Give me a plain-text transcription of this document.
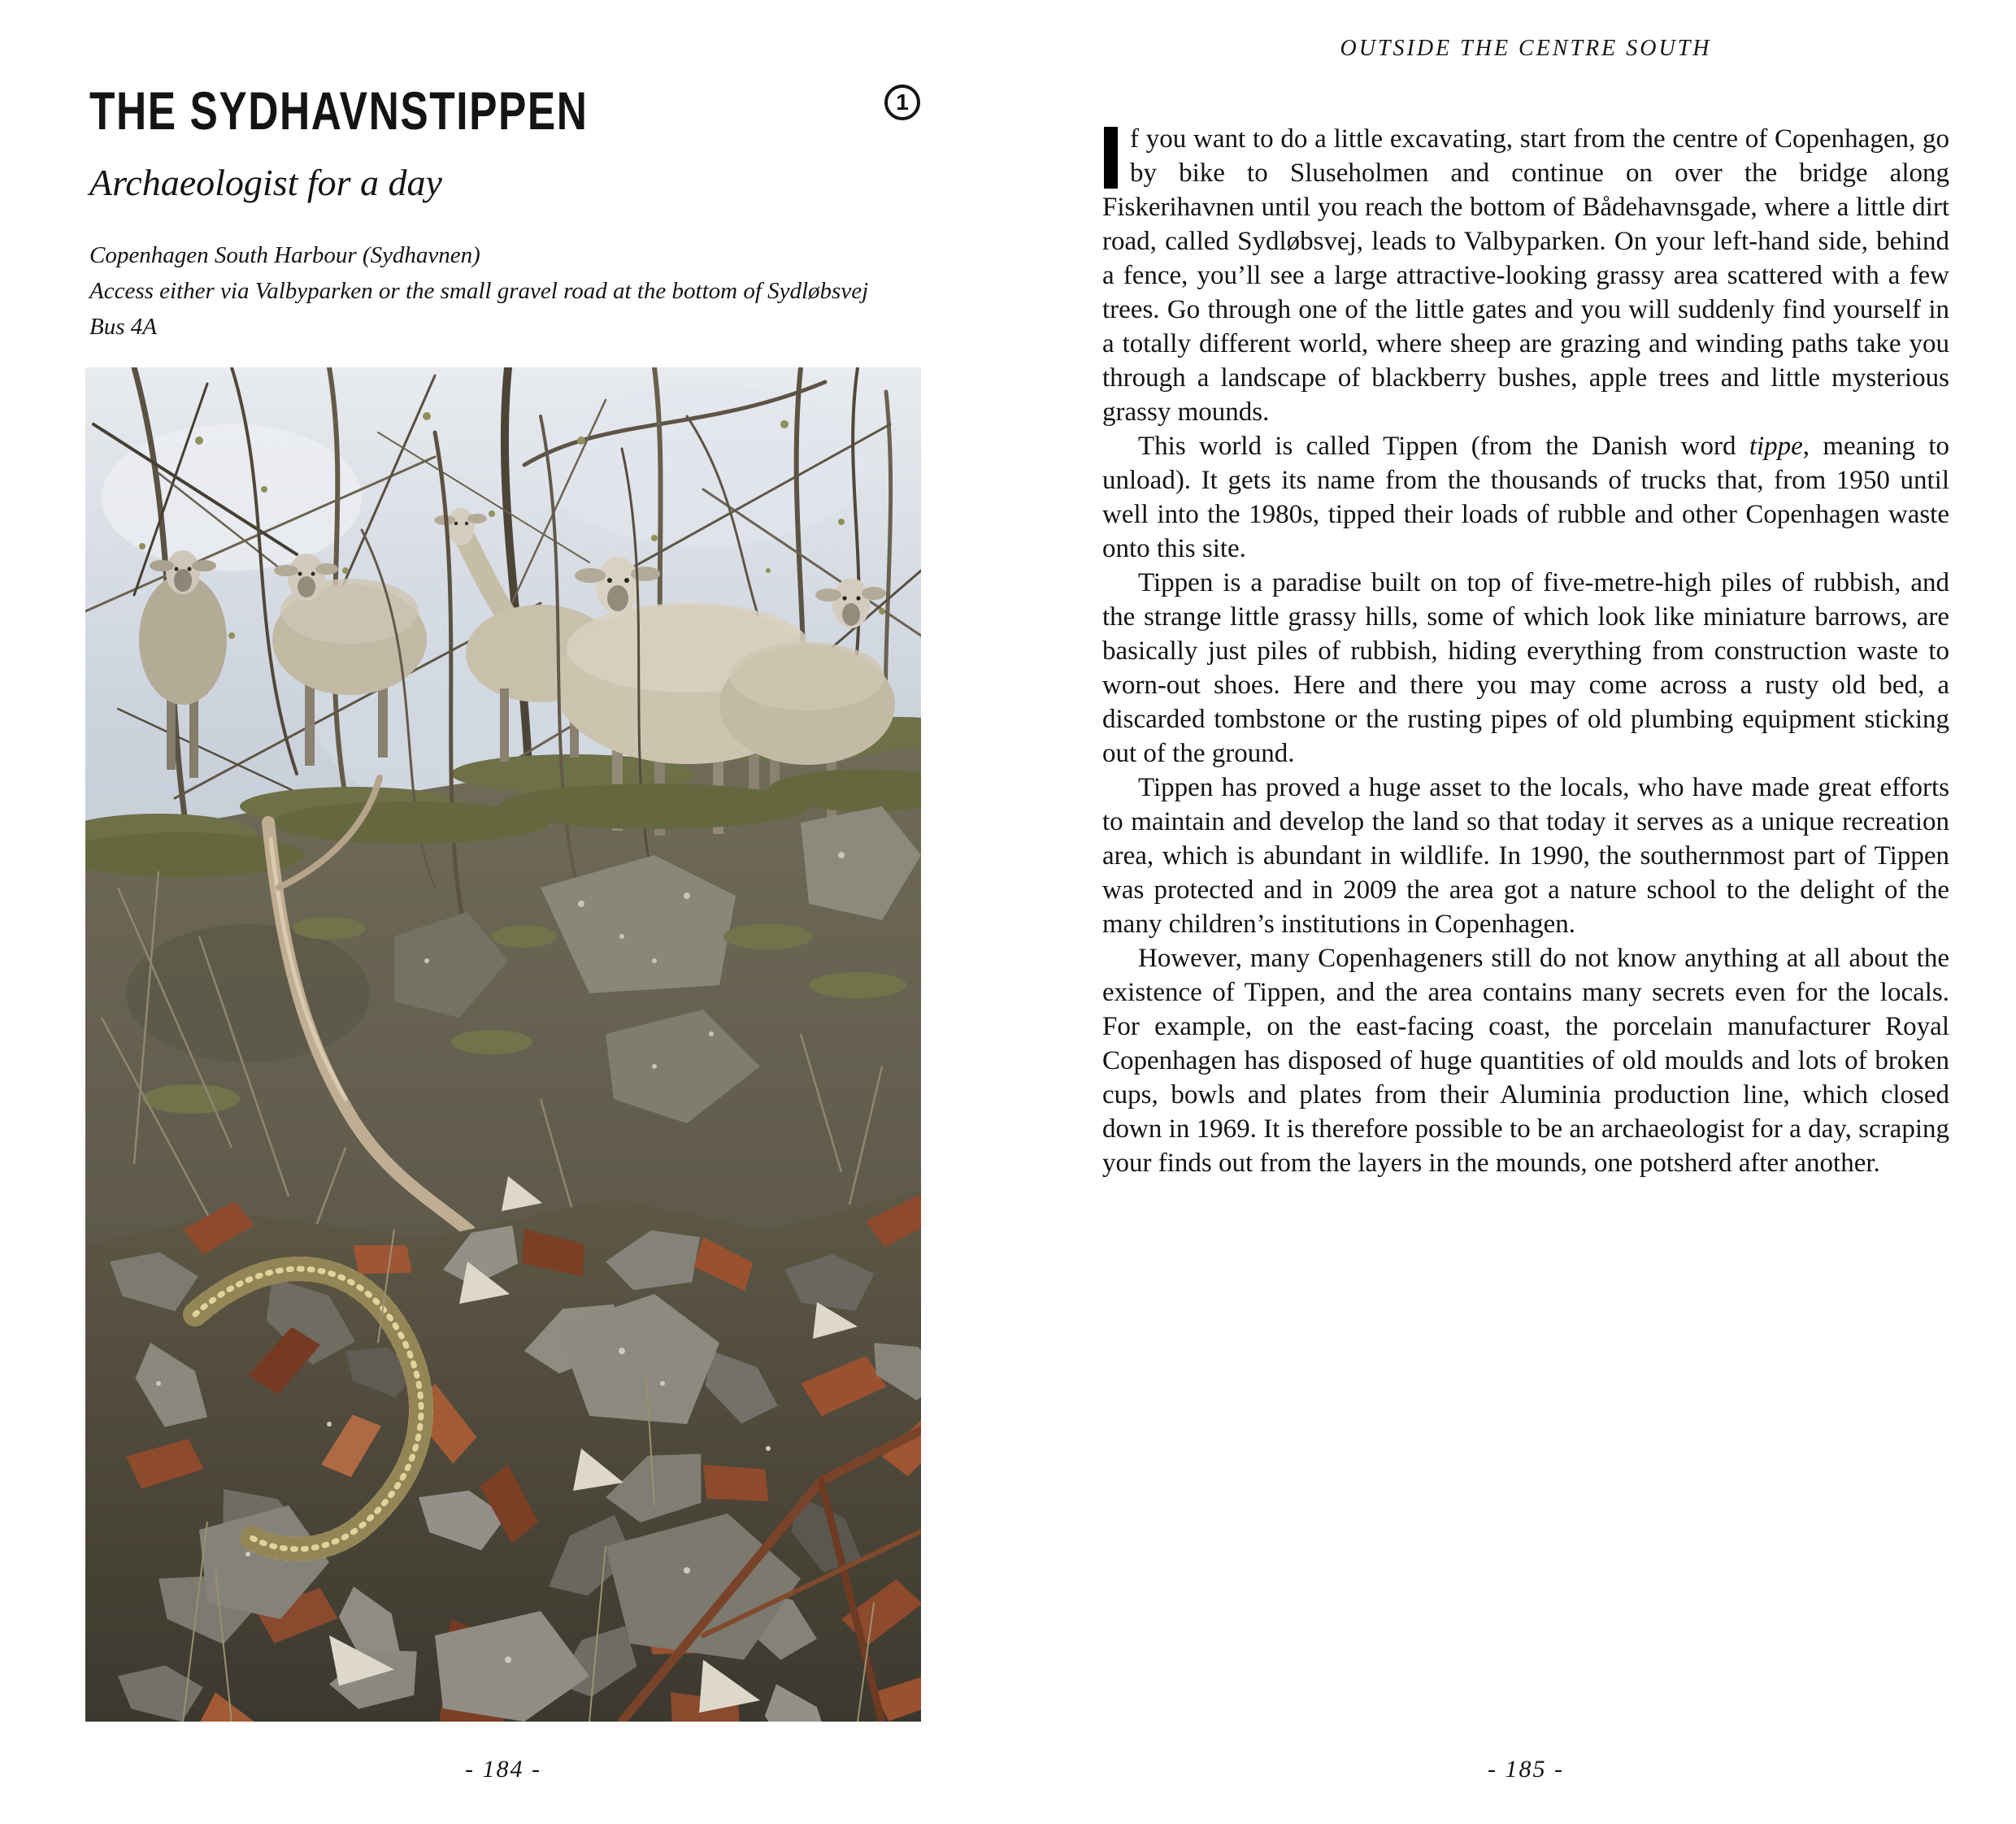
THE SYDHAVNSTIPPEN	1
Archaeologist for a day
Copenhagen South Harbour (Sydhavnen)
Access either via Valbyparken or the small gravel road at the bottom of Sydløbsvej
Bus 4A
- 184 -
OUTSIDE THE CENTRE SOUTH

f you want to do a little excavating, start from the centre of Copenhagen, go by bike to Sluseholmen and continue on over the bridge along Fiskerihavnen until you reach the bottom of Bådehavnsgade, where a little dirt road, called Sydløbsvej, leads to Valbyparken. On your left-hand side, behind a fence, you’ll see a large attractive-looking grassy area scattered with a few trees. Go through one of the little gates and you will suddenly find yourself in a totally different world, where sheep are grazing and winding paths take you through a landscape of blackberry bushes, apple trees and little mysterious grassy mounds.

This world is called Tippen (from the Danish word tippe, meaning to unload). It gets its name from the thousands of trucks that, from 1950 until well into the 1980s, tipped their loads of rubble and other Copenhagen waste onto this site.

Tippen is a paradise built on top of five-metre-high piles of rubbish, and the strange little grassy hills, some of which look like miniature barrows, are basically just piles of rubbish, hiding everything from construction waste to worn-out shoes. Here and there you may come across a rusty old bed, a discarded tombstone or the rusting pipes of old plumbing equipment sticking out of the ground.

Tippen has proved a huge asset to the locals, who have made great efforts to maintain and develop the land so that today it serves as a unique recreation area, which is abundant in wildlife. In 1990, the southernmost part of Tippen was protected and in 2009 the area got a nature school to the delight of the many children’s institutions in Copenhagen.

However, many Copenhageners still do not know anything at all about the existence of Tippen, and the area contains many secrets even for the locals. For example, on the east-facing coast, the porcelain manufacturer Royal Copenhagen has disposed of huge quantities of old moulds and lots of broken cups, bowls and plates from their Aluminia production line, which closed down in 1969. It is therefore possible to be an archaeologist for a day, scraping your finds out from the layers in the mounds, one potsherd after another.

- 185 -
